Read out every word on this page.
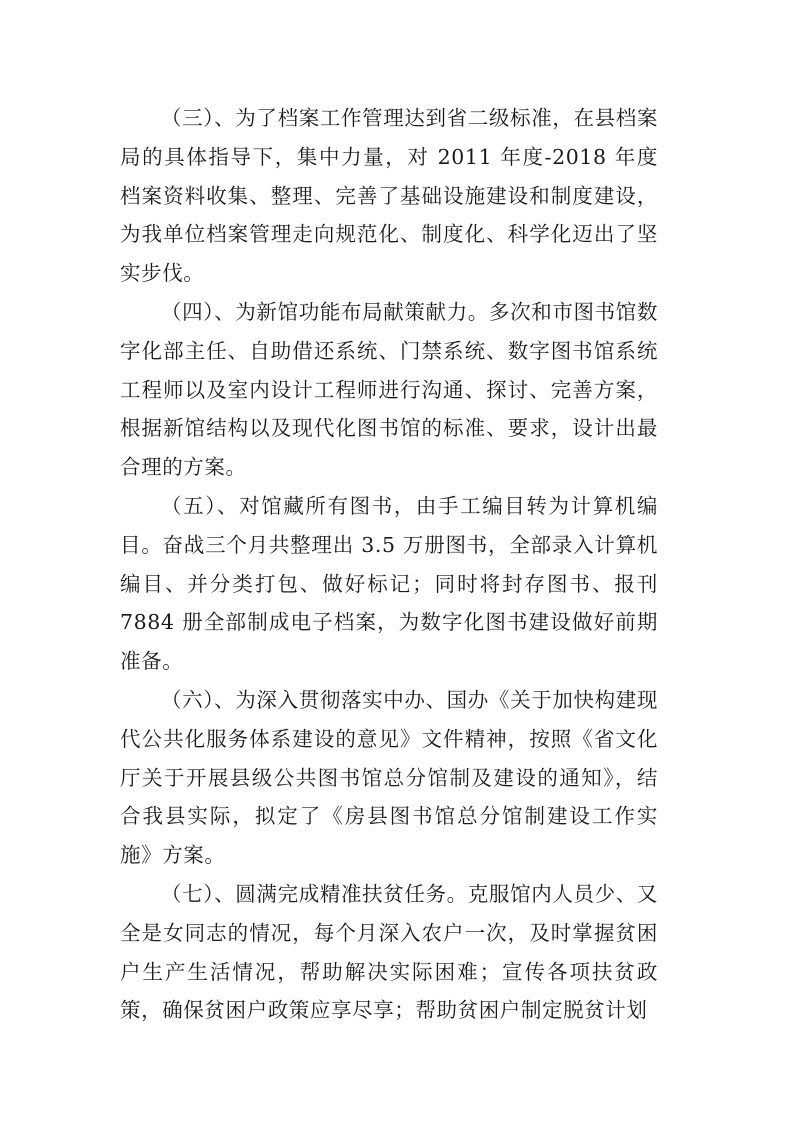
（三）、为了档案工作管理达到省二级标准，在县档案局的具体指导下，集中力量，对 2011 年度-2018 年度档案资料收集、整理、完善了基础设施建设和制度建设，为我单位档案管理走向规范化、制度化、科学化迈出了坚实步伐。

（四）、为新馆功能布局献策献力。多次和市图书馆数字化部主任、自助借还系统、门禁系统、数字图书馆系统工程师以及室内设计工程师进行沟通、探讨、完善方案，根据新馆结构以及现代化图书馆的标准、要求，设计出最合理的方案。

（五）、对馆藏所有图书，由手工编目转为计算机编目。奋战三个月共整理出 3.5 万册图书，全部录入计算机编目、并分类打包、做好标记；同时将封存图书、报刊 7884 册全部制成电子档案，为数字化图书建设做好前期准备。

（六）、为深入贯彻落实中办、国办《关于加快构建现代公共化服务体系建设的意见》文件精神，按照《省文化厅关于开展县级公共图书馆总分馆制及建设的通知》，结合我县实际，拟定了《房县图书馆总分馆制建设工作实施》方案。

（七）、圆满完成精准扶贫任务。克服馆内人员少、又全是女同志的情况，每个月深入农户一次，及时掌握贫困户生产生活情况，帮助解决实际困难；宣传各项扶贫政策，确保贫困户政策应享尽享；帮助贫困户制定脱贫计划
